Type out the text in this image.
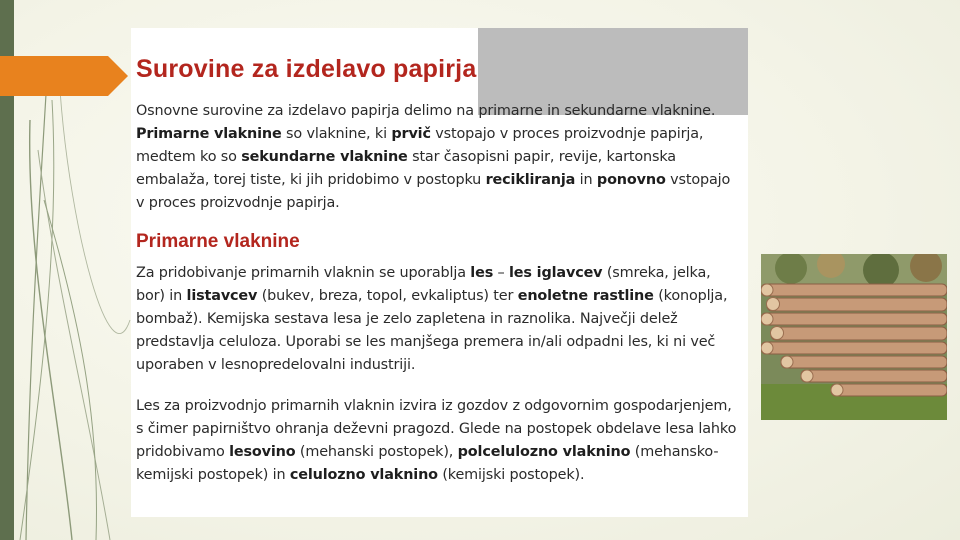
Surovine za izdelavo papirja

Osnovne surovine za izdelavo papirja delimo na primarne in sekundarne vlaknine. Primarne vlaknine so vlaknine, ki prvič vstopajo v proces proizvodnje papirja, medtem ko so sekundarne vlaknine star časopisni papir, revije, kartonska embalaža, torej tiste, ki jih pridobimo v postopku recikliranja in ponovno vstopajo v proces proizvodnje papirja.

Primarne vlaknine

Za pridobivanje primarnih vlaknin se uporablja les – les iglavcev (smreka, jelka, bor) in listavcev (bukev, breza, topol, evkaliptus) ter enoletne rastline (konoplja, bombaž). Kemijska sestava lesa je zelo zapletena in raznolika. Največji delež predstavlja celuloza. Uporabi se les manjšega premera in/ali odpadni les, ki ni več uporaben v lesnopredelovalni industriji.

Les za proizvodnjo primarnih vlaknin izvira iz gozdov z odgovornim gospodarjenjem, s čimer papirništvo ohranja deževni pragozd. Glede na postopek obdelave lesa lahko pridobivamo lesovino (mehanski postopek), polcelulozno vlaknino (mehansko-kemijski postopek) in celulozno vlaknino (kemijski postopek).
